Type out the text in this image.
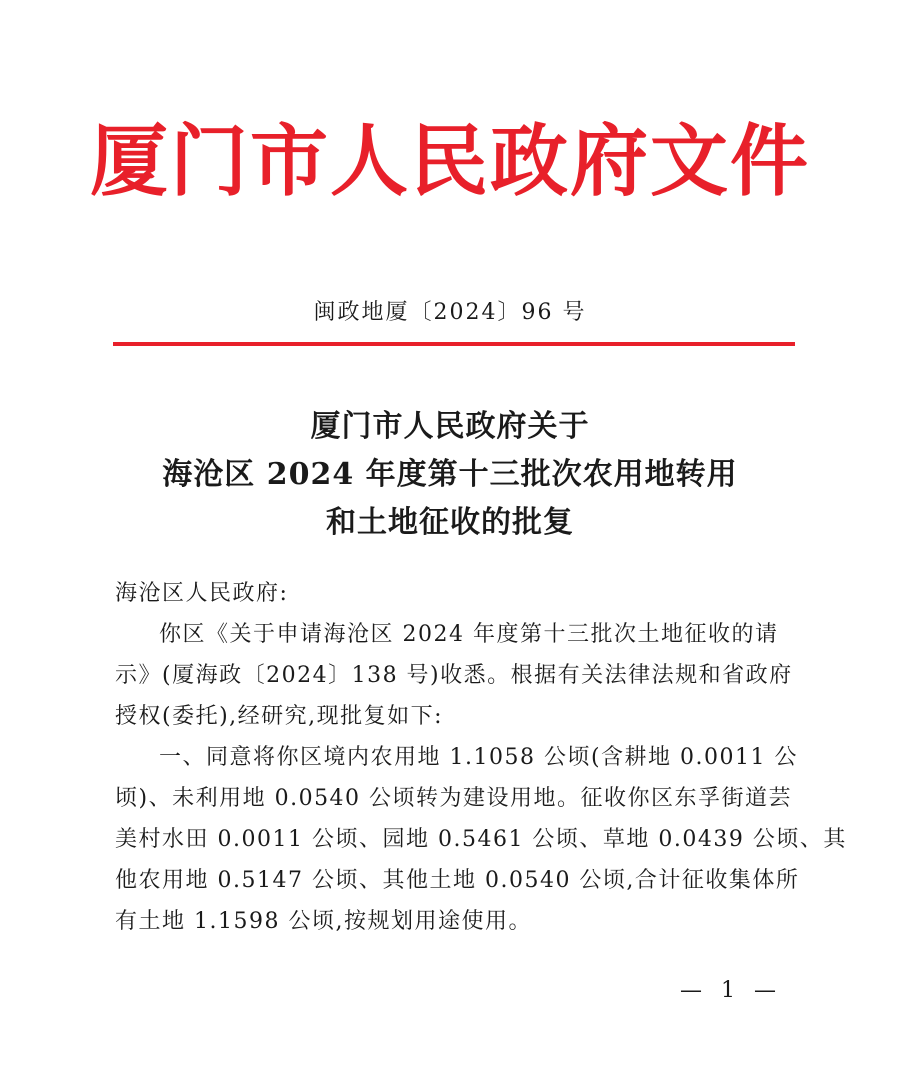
厦门市人民政府文件
闽政地厦〔2024〕96 号
厦门市人民政府关于
海沧区 2024 年度第十三批次农用地转用
和土地征收的批复

海沧区人民政府:

你区《关于申请海沧区 2024 年度第十三批次土地征收的请

示》(厦海政〔2024〕138 号)收悉。根据有关法律法规和省政府

授权(委托),经研究,现批复如下:

一、同意将你区境内农用地 1.1058 公顷(含耕地 0.0011 公

顷)、未利用地 0.0540 公顷转为建设用地。征收你区东孚街道芸

美村水田 0.0011 公顷、园地 0.5461 公顷、草地 0.0439 公顷、其

他农用地 0.5147 公顷、其他土地 0.0540 公顷,合计征收集体所

有土地 1.1598 公顷,按规划用途使用。

— 1 —
